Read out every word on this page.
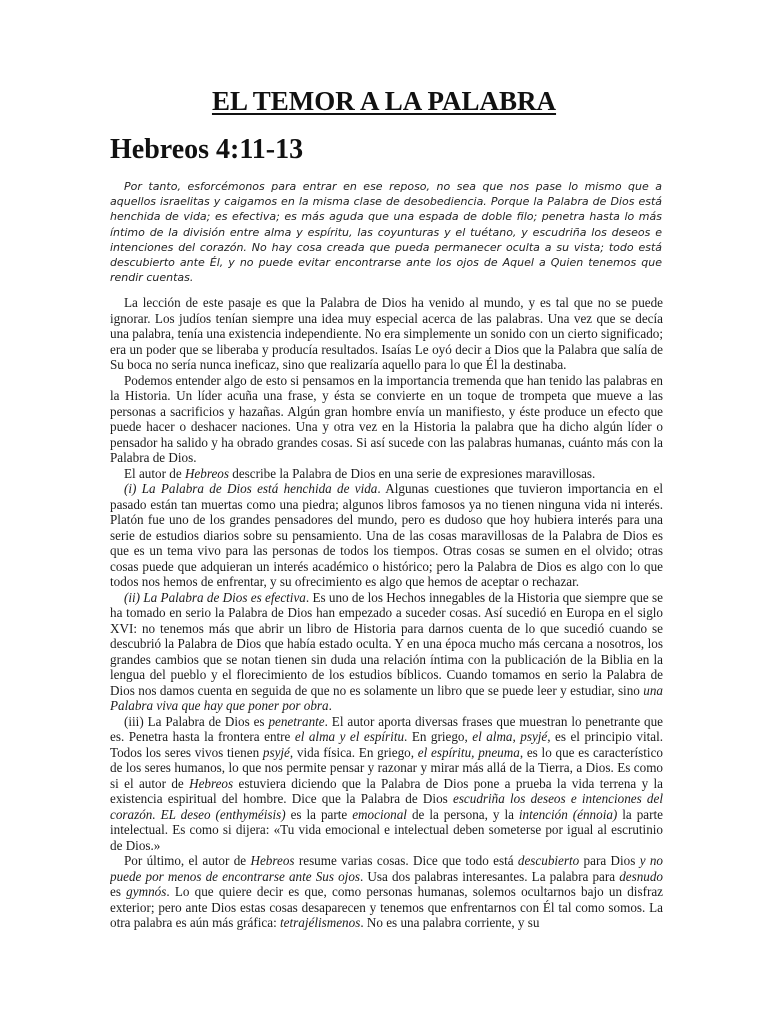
EL TEMOR A LA PALABRA
Hebreos 4:11-13

Por tanto, esforcémonos para entrar en ese reposo, no sea que nos pase lo mismo que a aquellos israelitas y caigamos en la misma clase de desobediencia. Porque la Palabra de Dios está henchida de vida; es efectiva; es más aguda que una espada de doble filo; penetra hasta lo más íntimo de la división entre alma y espíritu, las coyunturas y el tuétano, y escudriña los deseos e intenciones del corazón. No hay cosa creada que pueda permanecer oculta a su vista; todo está descubierto ante Él, y no puede evitar encontrarse ante los ojos de Aquel a Quien tenemos que rendir cuentas.

La lección de este pasaje es que la Palabra de Dios ha venido al mundo, y es tal que no se puede ignorar. Los judíos tenían siempre una idea muy especial acerca de las palabras. Una vez que se decía una palabra, tenía una existencia independiente. No era simplemente un sonido con un cierto significado; era un poder que se liberaba y producía resultados. Isaías Le oyó decir a Dios que la Palabra que salía de Su boca no sería nunca ineficaz, sino que realizaría aquello para lo que Él la destinaba.

Podemos entender algo de esto si pensamos en la importancia tremenda que han tenido las palabras en la Historia. Un líder acuña una frase, y ésta se convierte en un toque de trompeta que mueve a las personas a sacrificios y hazañas. Algún gran hombre envía un manifiesto, y éste produce un efecto que puede hacer o deshacer naciones. Una y otra vez en la Historia la palabra que ha dicho algún líder o pensador ha salido y ha obrado grandes cosas. Si así sucede con las palabras humanas, cuánto más con la Palabra de Dios.

El autor de Hebreos describe la Palabra de Dios en una serie de expresiones maravillosas.

(i) La Palabra de Dios está henchida de vida. Algunas cuestiones que tuvieron importancia en el pasado están tan muertas como una piedra; algunos libros famosos ya no tienen ninguna vida ni interés. Platón fue uno de los grandes pensadores del mundo, pero es dudoso que hoy hubiera interés para una serie de estudios diarios sobre su pensamiento. Una de las cosas maravillosas de la Palabra de Dios es que es un tema vivo para las personas de todos los tiempos. Otras cosas se sumen en el olvido; otras cosas puede que adquieran un interés académico o histórico; pero la Palabra de Dios es algo con lo que todos nos hemos de enfrentar, y su ofrecimiento es algo que hemos de aceptar o rechazar.

(ii) La Palabra de Dios es efectiva. Es uno de los Hechos innegables de la Historia que siempre que se ha tomado en serio la Palabra de Dios han empezado a suceder cosas. Así sucedió en Europa en el siglo XVI: no tenemos más que abrir un libro de Historia para darnos cuenta de lo que sucedió cuando se descubrió la Palabra de Dios que había estado oculta. Y en una época mucho más cercana a nosotros, los grandes cambios que se notan tienen sin duda una relación íntima con la publicación de la Biblia en la lengua del pueblo y el florecimiento de los estudios bíblicos. Cuando tomamos en serio la Palabra de Dios nos damos cuenta en seguida de que no es solamente un libro que se puede leer y estudiar, sino una Palabra viva que hay que poner por obra.

(iii) La Palabra de Dios es penetrante. El autor aporta diversas frases que muestran lo penetrante que es. Penetra hasta la frontera entre el alma y el espíritu. En griego, el alma, psyjé, es el principio vital. Todos los seres vivos tienen psyjé, vida física. En griego, el espíritu, pneuma, es lo que es característico de los seres humanos, lo que nos permite pensar y razonar y mirar más allá de la Tierra, a Dios. Es como si el autor de Hebreos estuviera diciendo que la Palabra de Dios pone a prueba la vida terrena y la existencia espiritual del hombre. Dice que la Palabra de Dios escudriña los deseos e intenciones del corazón. EL deseo (enthyméisis) es la parte emocional de la persona, y la intención (énnoia) la parte intelectual. Es como si dijera: «Tu vida emocional e intelectual deben someterse por igual al escrutinio de Dios.»

Por último, el autor de Hebreos resume varias cosas. Dice que todo está descubierto para Dios y no puede por menos de encontrarse ante Sus ojos. Usa dos palabras interesantes. La palabra para desnudo es gymnós. Lo que quiere decir es que, como personas humanas, solemos ocultarnos bajo un disfraz exterior; pero ante Dios estas cosas desaparecen y tenemos que enfrentarnos con Él tal como somos. La otra palabra es aún más gráfica: tetrajélismenos. No es una palabra corriente, y su
